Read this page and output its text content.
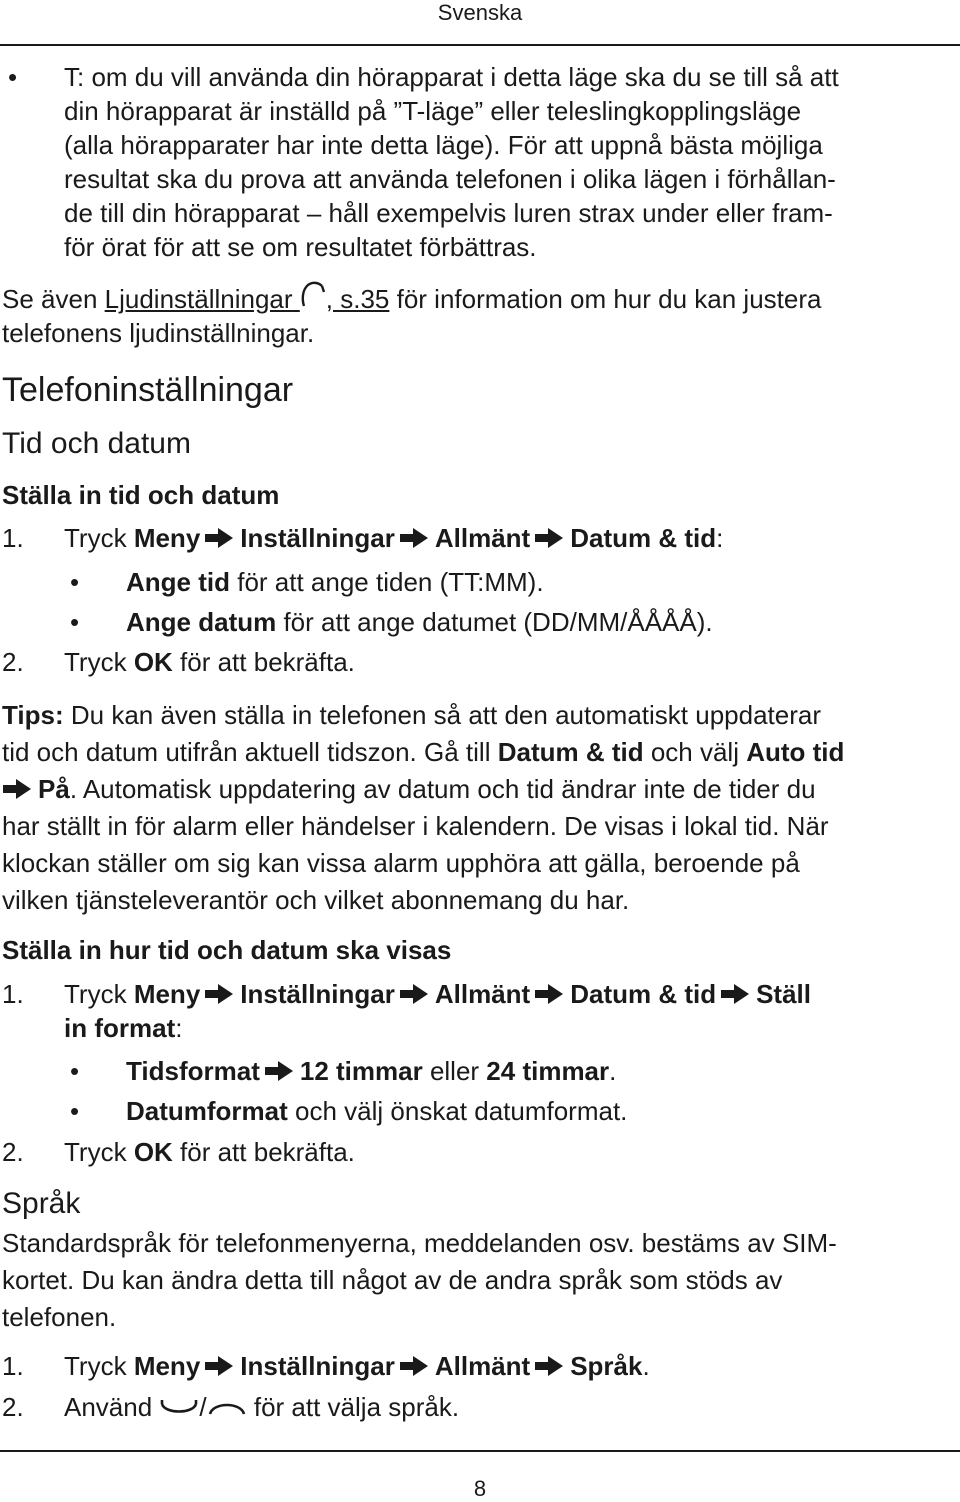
Svenska
• T: om du vill använda din hörapparat i detta läge ska du se till så att
din hörapparat är inställd på ”T-läge” eller teleslingkopplingsläge
(alla hörapparater har inte detta läge). För att uppnå bästa möjliga
resultat ska du prova att använda telefonen i olika lägen i förhållan-
de till din hörapparat – håll exempelvis luren strax under eller fram-
för örat för att se om resultatet förbättras.
Se även Ljudinställningar , s.35 för information om hur du kan justera
telefonens ljudinställningar.
Telefoninställningar
Tid och datum
Ställa in tid och datum
1. Tryck Meny Inställningar Allmänt Datum & tid:
• Ange tid för att ange tiden (TT:MM).
• Ange datum för att ange datumet (DD/MM/ÅÅÅÅ).
2. Tryck OK för att bekräfta.
Tips: Du kan även ställa in telefonen så att den automatiskt uppdaterar
tid och datum utifrån aktuell tidszon. Gå till Datum & tid och välj Auto tid
På. Automatisk uppdatering av datum och tid ändrar inte de tider du
har ställt in för alarm eller händelser i kalendern. De visas i lokal tid. När
klockan ställer om sig kan vissa alarm upphöra att gälla, beroende på
vilken tjänsteleverantör och vilket abonnemang du har.
Ställa in hur tid och datum ska visas
1. Tryck Meny Inställningar Allmänt Datum & tid Ställ
in format:
• Tidsformat 12 timmar eller 24 timmar.
• Datumformat och välj önskat datumformat.
2. Tryck OK för att bekräfta.
Språk
Standardspråk för telefonmenyerna, meddelanden osv. bestäms av SIM-
kortet. Du kan ändra detta till något av de andra språk som stöds av
telefonen.
1. Tryck Meny Inställningar Allmänt Språk.
2. Använd / för att välja språk.
8
